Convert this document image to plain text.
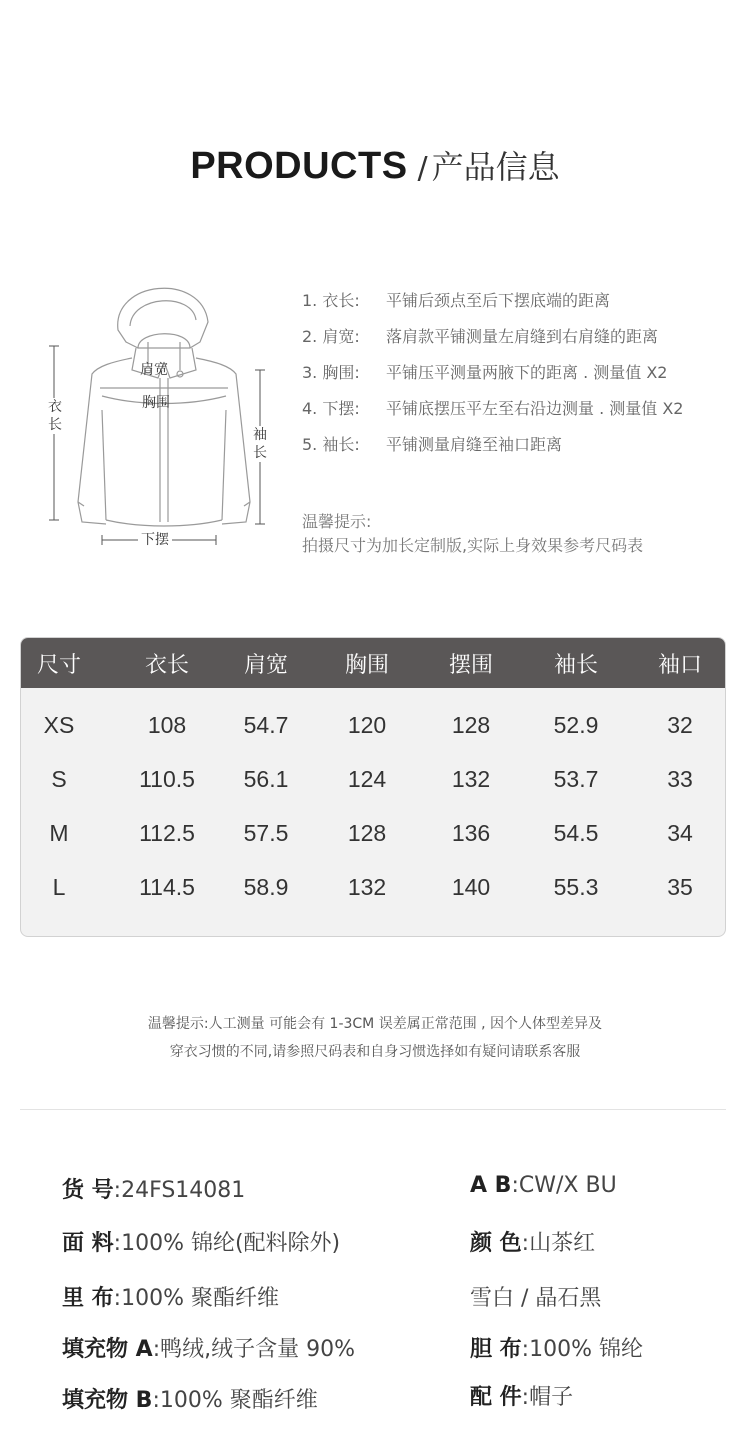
PRODUCTS / 产品信息
肩宽
胸围
衣长
袖长
下摆
1. 衣长:	平铺后颈点至后下摆底端的距离
2. 肩宽:	落肩款平铺测量左肩缝到右肩缝的距离
3. 胸围:	平铺压平测量两腋下的距离 . 测量值 X2
4. 下摆:	平铺底摆压平左至右沿边测量 . 测量值 X2
5. 袖长:	平铺测量肩缝至袖口距离
温馨提示:
拍摄尺寸为加长定制版,实际上身效果参考尺码表
尺寸	衣长	肩宽	胸围	摆围	袖长	袖口
XS	108	54.7	120	128	52.9	32
S	110.5	56.1	124	132	53.7	33
M	112.5	57.5	128	136	54.5	34
L	114.5	58.9	132	140	55.3	35
温馨提示:人工测量 可能会有 1-3CM 误差属正常范围 , 因个人体型差异及
穿衣习惯的不同,请参照尺码表和自身习惯选择如有疑问请联系客服
货 号:24FS14081
面 料:100% 锦纶(配料除外)
里 布:100% 聚酯纤维
填充物 A:鸭绒,绒子含量 90%
填充物 B:100% 聚酯纤维
A B:CW/X BU
颜 色:山茶红
雪白 / 晶石黑
胆 布:100% 锦纶
配 件:帽子
